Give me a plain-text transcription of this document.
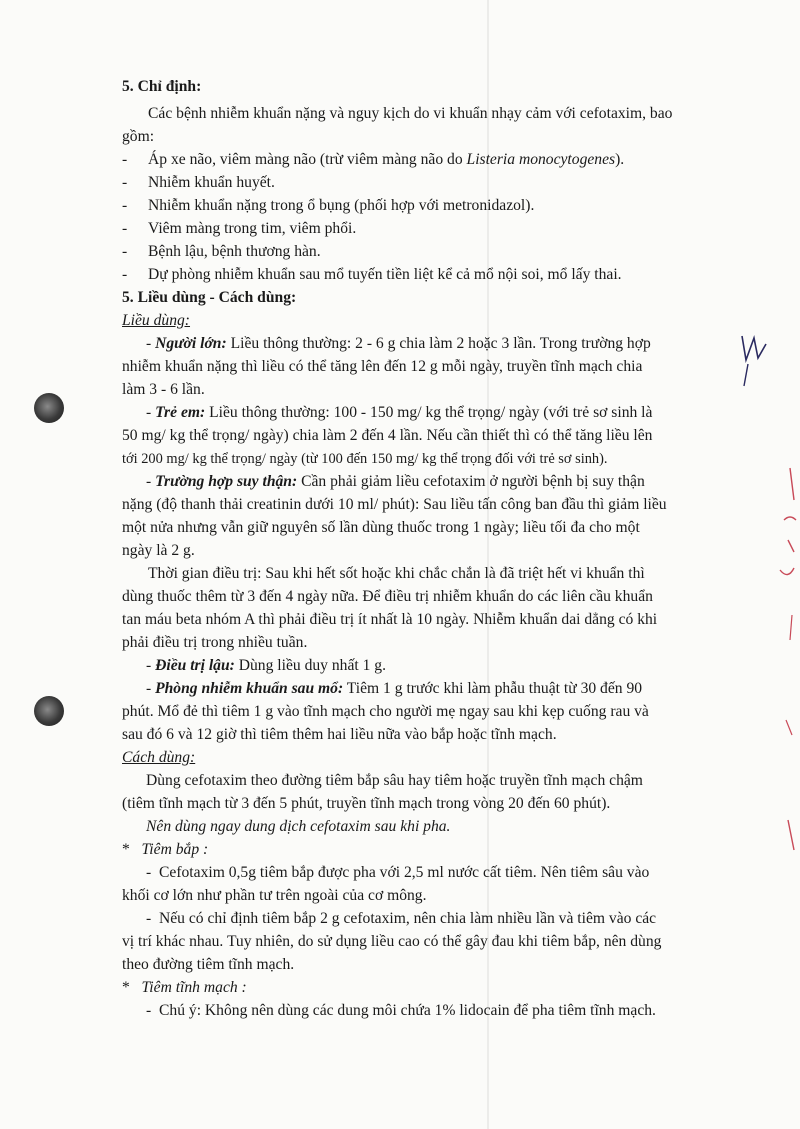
5. Chỉ định:
Các bệnh nhiễm khuẩn nặng và nguy kịch do vi khuẩn nhạy cảm với cefotaxim, bao
gồm:
- Áp xe não, viêm màng não (trừ viêm màng não do Listeria monocytogenes).
- Nhiễm khuẩn huyết.
- Nhiễm khuẩn nặng trong ổ bụng (phối hợp với metronidazol).
- Viêm màng trong tim, viêm phổi.
- Bệnh lậu, bệnh thương hàn.
- Dự phòng nhiễm khuẩn sau mổ tuyến tiền liệt kể cả mổ nội soi, mổ lấy thai.
5. Liều dùng - Cách dùng:
Liều dùng:
- Người lớn: Liều thông thường: 2 - 6 g chia làm 2 hoặc 3 lần. Trong trường hợp
nhiễm khuẩn nặng thì liều có thể tăng lên đến 12 g mỗi ngày, truyền tĩnh mạch chia
làm 3 - 6 lần.
- Trẻ em: Liều thông thường: 100 - 150 mg/ kg thể trọng/ ngày (với trẻ sơ sinh là
50 mg/ kg thể trọng/ ngày) chia làm 2 đến 4 lần. Nếu cần thiết thì có thể tăng liều lên
tới 200 mg/ kg thể trọng/ ngày (từ 100 đến 150 mg/ kg thể trọng đối với trẻ sơ sinh).
- Trường hợp suy thận: Cần phải giảm liều cefotaxim ở người bệnh bị suy thận
nặng (độ thanh thải creatinin dưới 10 ml/ phút): Sau liều tấn công ban đầu thì giảm liều
một nửa nhưng vẫn giữ nguyên số lần dùng thuốc trong 1 ngày; liều tối đa cho một
ngày là 2 g.
Thời gian điều trị: Sau khi hết sốt hoặc khi chắc chắn là đã triệt hết vi khuẩn thì
dùng thuốc thêm từ 3 đến 4 ngày nữa. Để điều trị nhiễm khuẩn do các liên cầu khuẩn
tan máu beta nhóm A thì phải điều trị ít nhất là 10 ngày. Nhiễm khuẩn dai dẳng có khi
phải điều trị trong nhiều tuần.
- Điều trị lậu: Dùng liều duy nhất 1 g.
- Phòng nhiễm khuẩn sau mổ: Tiêm 1 g trước khi làm phẫu thuật từ 30 đến 90
phút. Mổ đẻ thì tiêm 1 g vào tĩnh mạch cho người mẹ ngay sau khi kẹp cuống rau và
sau đó 6 và 12 giờ thì tiêm thêm hai liều nữa vào bắp hoặc tĩnh mạch.
Cách dùng:
Dùng cefotaxim theo đường tiêm bắp sâu hay tiêm hoặc truyền tĩnh mạch chậm
(tiêm tĩnh mạch từ 3 đến 5 phút, truyền tĩnh mạch trong vòng 20 đến 60 phút).
Nên dùng ngay dung dịch cefotaxim sau khi pha.
* Tiêm bắp :
- Cefotaxim 0,5g tiêm bắp được pha với 2,5 ml nước cất tiêm. Nên tiêm sâu vào
khối cơ lớn như phần tư trên ngoài của cơ mông.
- Nếu có chỉ định tiêm bắp 2 g cefotaxim, nên chia làm nhiều lần và tiêm vào các
vị trí khác nhau. Tuy nhiên, do sử dụng liều cao có thể gây đau khi tiêm bắp, nên dùng
theo đường tiêm tĩnh mạch.
* Tiêm tĩnh mạch :
- Chú ý: Không nên dùng các dung môi chứa 1% lidocain để pha tiêm tĩnh mạch.
